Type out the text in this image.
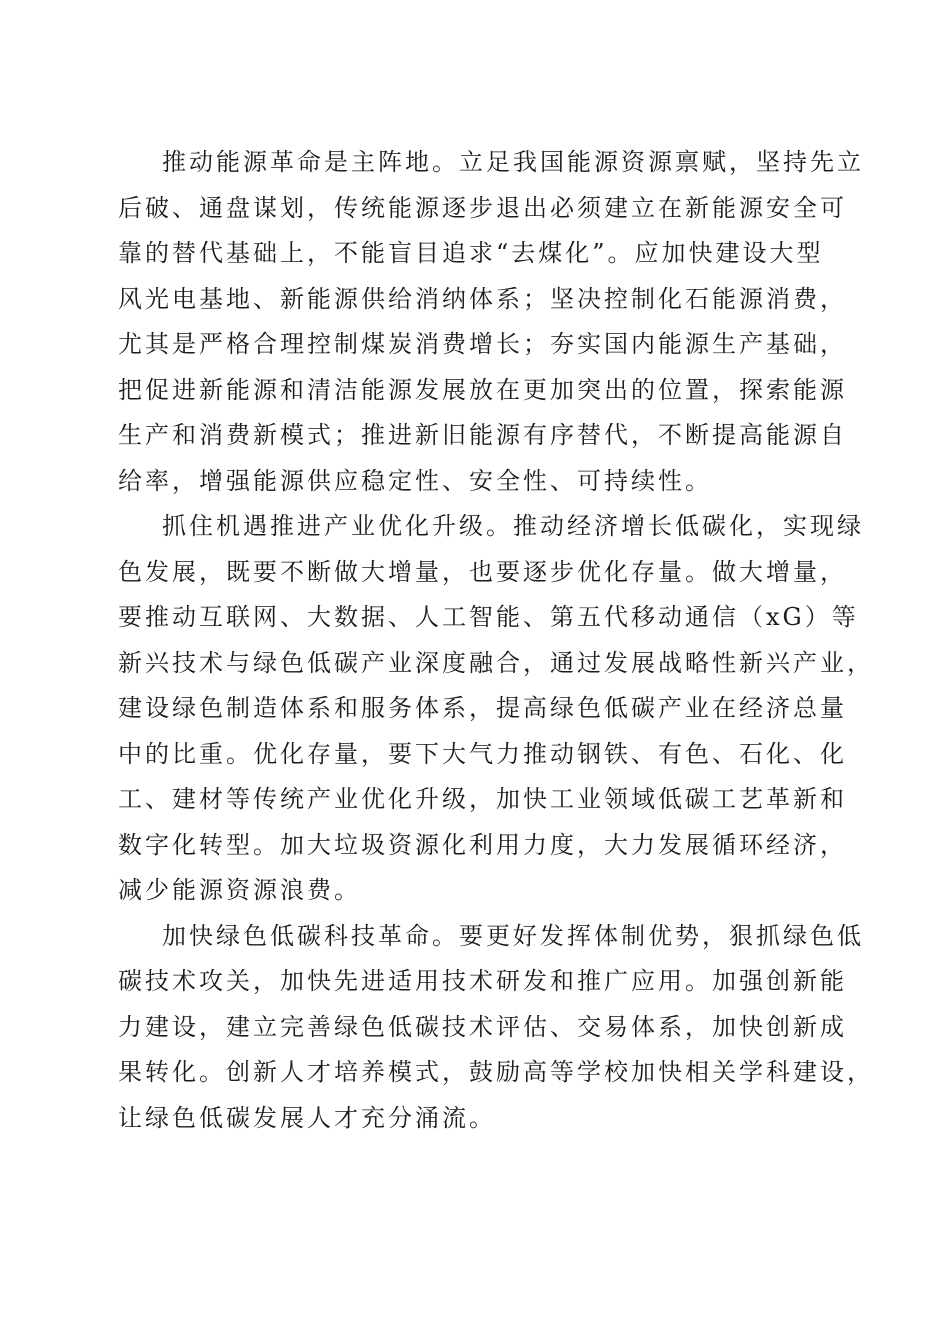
推动能源革命是主阵地。立足我国能源资源禀赋，坚持先立
后破、通盘谋划，传统能源逐步退出必须建立在新能源安全可
靠的替代基础上，不能盲目追求“去煤化”。应加快建设大型
风光电基地、新能源供给消纳体系；坚决控制化石能源消费，
尤其是严格合理控制煤炭消费增长；夯实国内能源生产基础，
把促进新能源和清洁能源发展放在更加突出的位置，探索能源
生产和消费新模式；推进新旧能源有序替代，不断提高能源自
给率，增强能源供应稳定性、安全性、可持续性。
抓住机遇推进产业优化升级。推动经济增长低碳化，实现绿
色发展，既要不断做大增量，也要逐步优化存量。做大增量，
要推动互联网、大数据、人工智能、第五代移动通信（xG）等
新兴技术与绿色低碳产业深度融合，通过发展战略性新兴产业，
建设绿色制造体系和服务体系，提高绿色低碳产业在经济总量
中的比重。优化存量，要下大气力推动钢铁、有色、石化、化
工、建材等传统产业优化升级，加快工业领域低碳工艺革新和
数字化转型。加大垃圾资源化利用力度，大力发展循环经济，
减少能源资源浪费。
加快绿色低碳科技革命。要更好发挥体制优势，狠抓绿色低
碳技术攻关，加快先进适用技术研发和推广应用。加强创新能
力建设，建立完善绿色低碳技术评估、交易体系，加快创新成
果转化。创新人才培养模式，鼓励高等学校加快相关学科建设，
让绿色低碳发展人才充分涌流。
